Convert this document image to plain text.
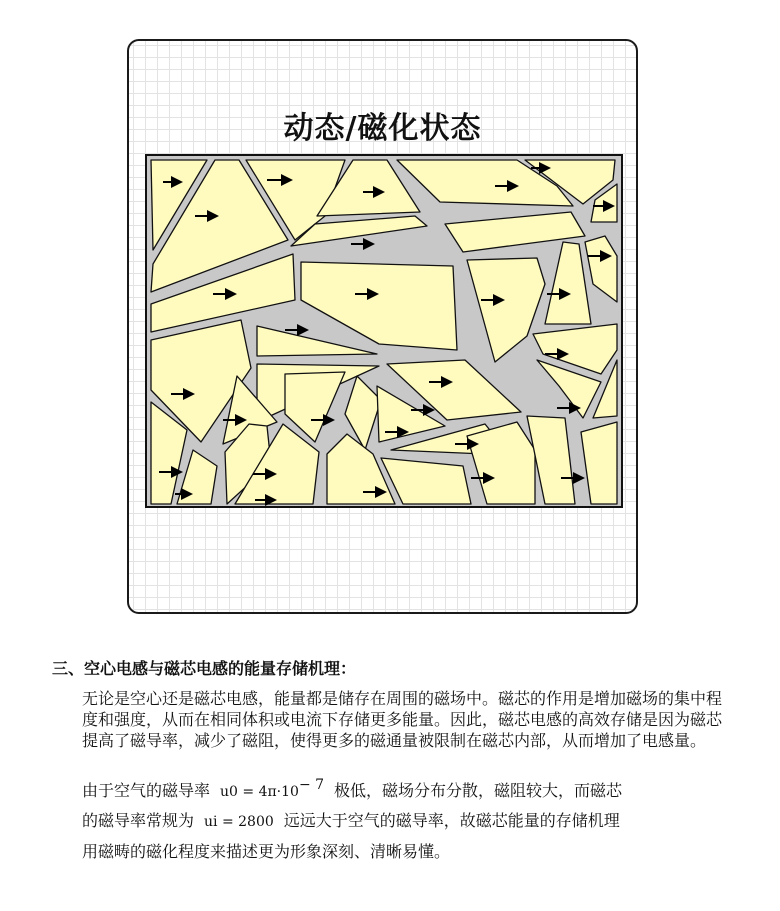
动态/磁化状态
三、空心电感与磁芯电感的能量存储机理：
无论是空心还是磁芯电感，能量都是储存在周围的磁场中。磁芯的作用是增加磁场的集中程度和强度，从而在相同体积或电流下存储更多能量。因此，磁芯电感的高效存储是因为磁芯提高了磁导率，减少了磁阻，使得更多的磁通量被限制在磁芯内部，从而增加了电感量。
由于空气的磁导率 $u0 = 4\pi\cdot 10^{- 7}$ 极低，磁场分布分散，磁阻较大，而磁芯
的磁导率常规为 ui = 2800 远远大于空气的磁导率，故磁芯能量的存储机理
用磁畴的磁化程度来描述更为形象深刻、清晰易懂。
